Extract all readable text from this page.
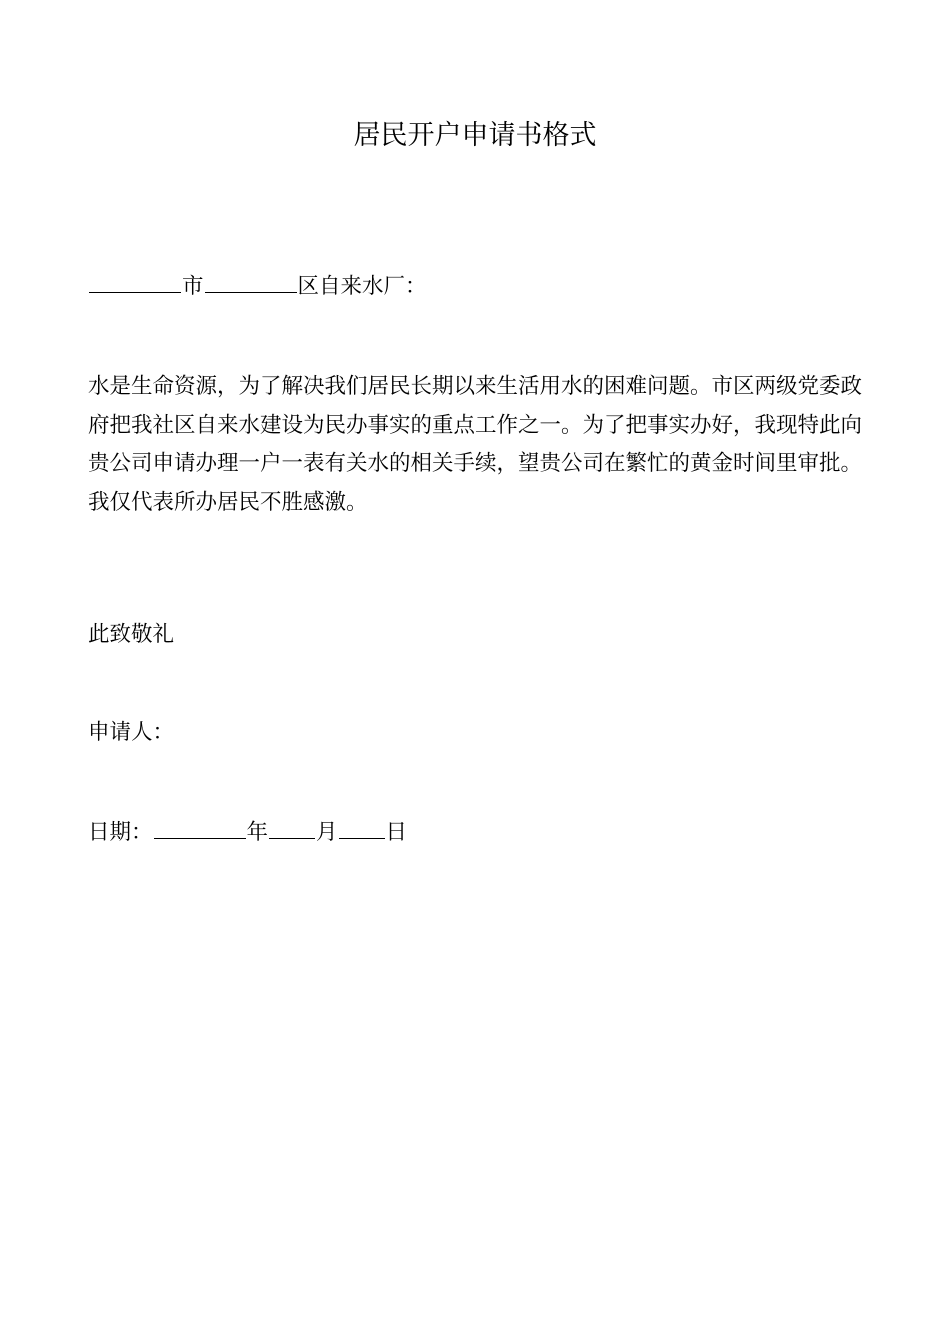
居民开户申请书格式
市	区自来水厂：
水是生命资源，为了解决我们居民长期以来生活用水的困难问题。市区两级党委政府把我社区自来水建设为民办事实的重点工作之一。为了把事实办好，我现特此向贵公司申请办理一户一表有关水的相关手续，望贵公司在繁忙的黄金时间里审批。我仅代表所办居民不胜感激。
此致敬礼
申请人：
日期：	年 月 日
